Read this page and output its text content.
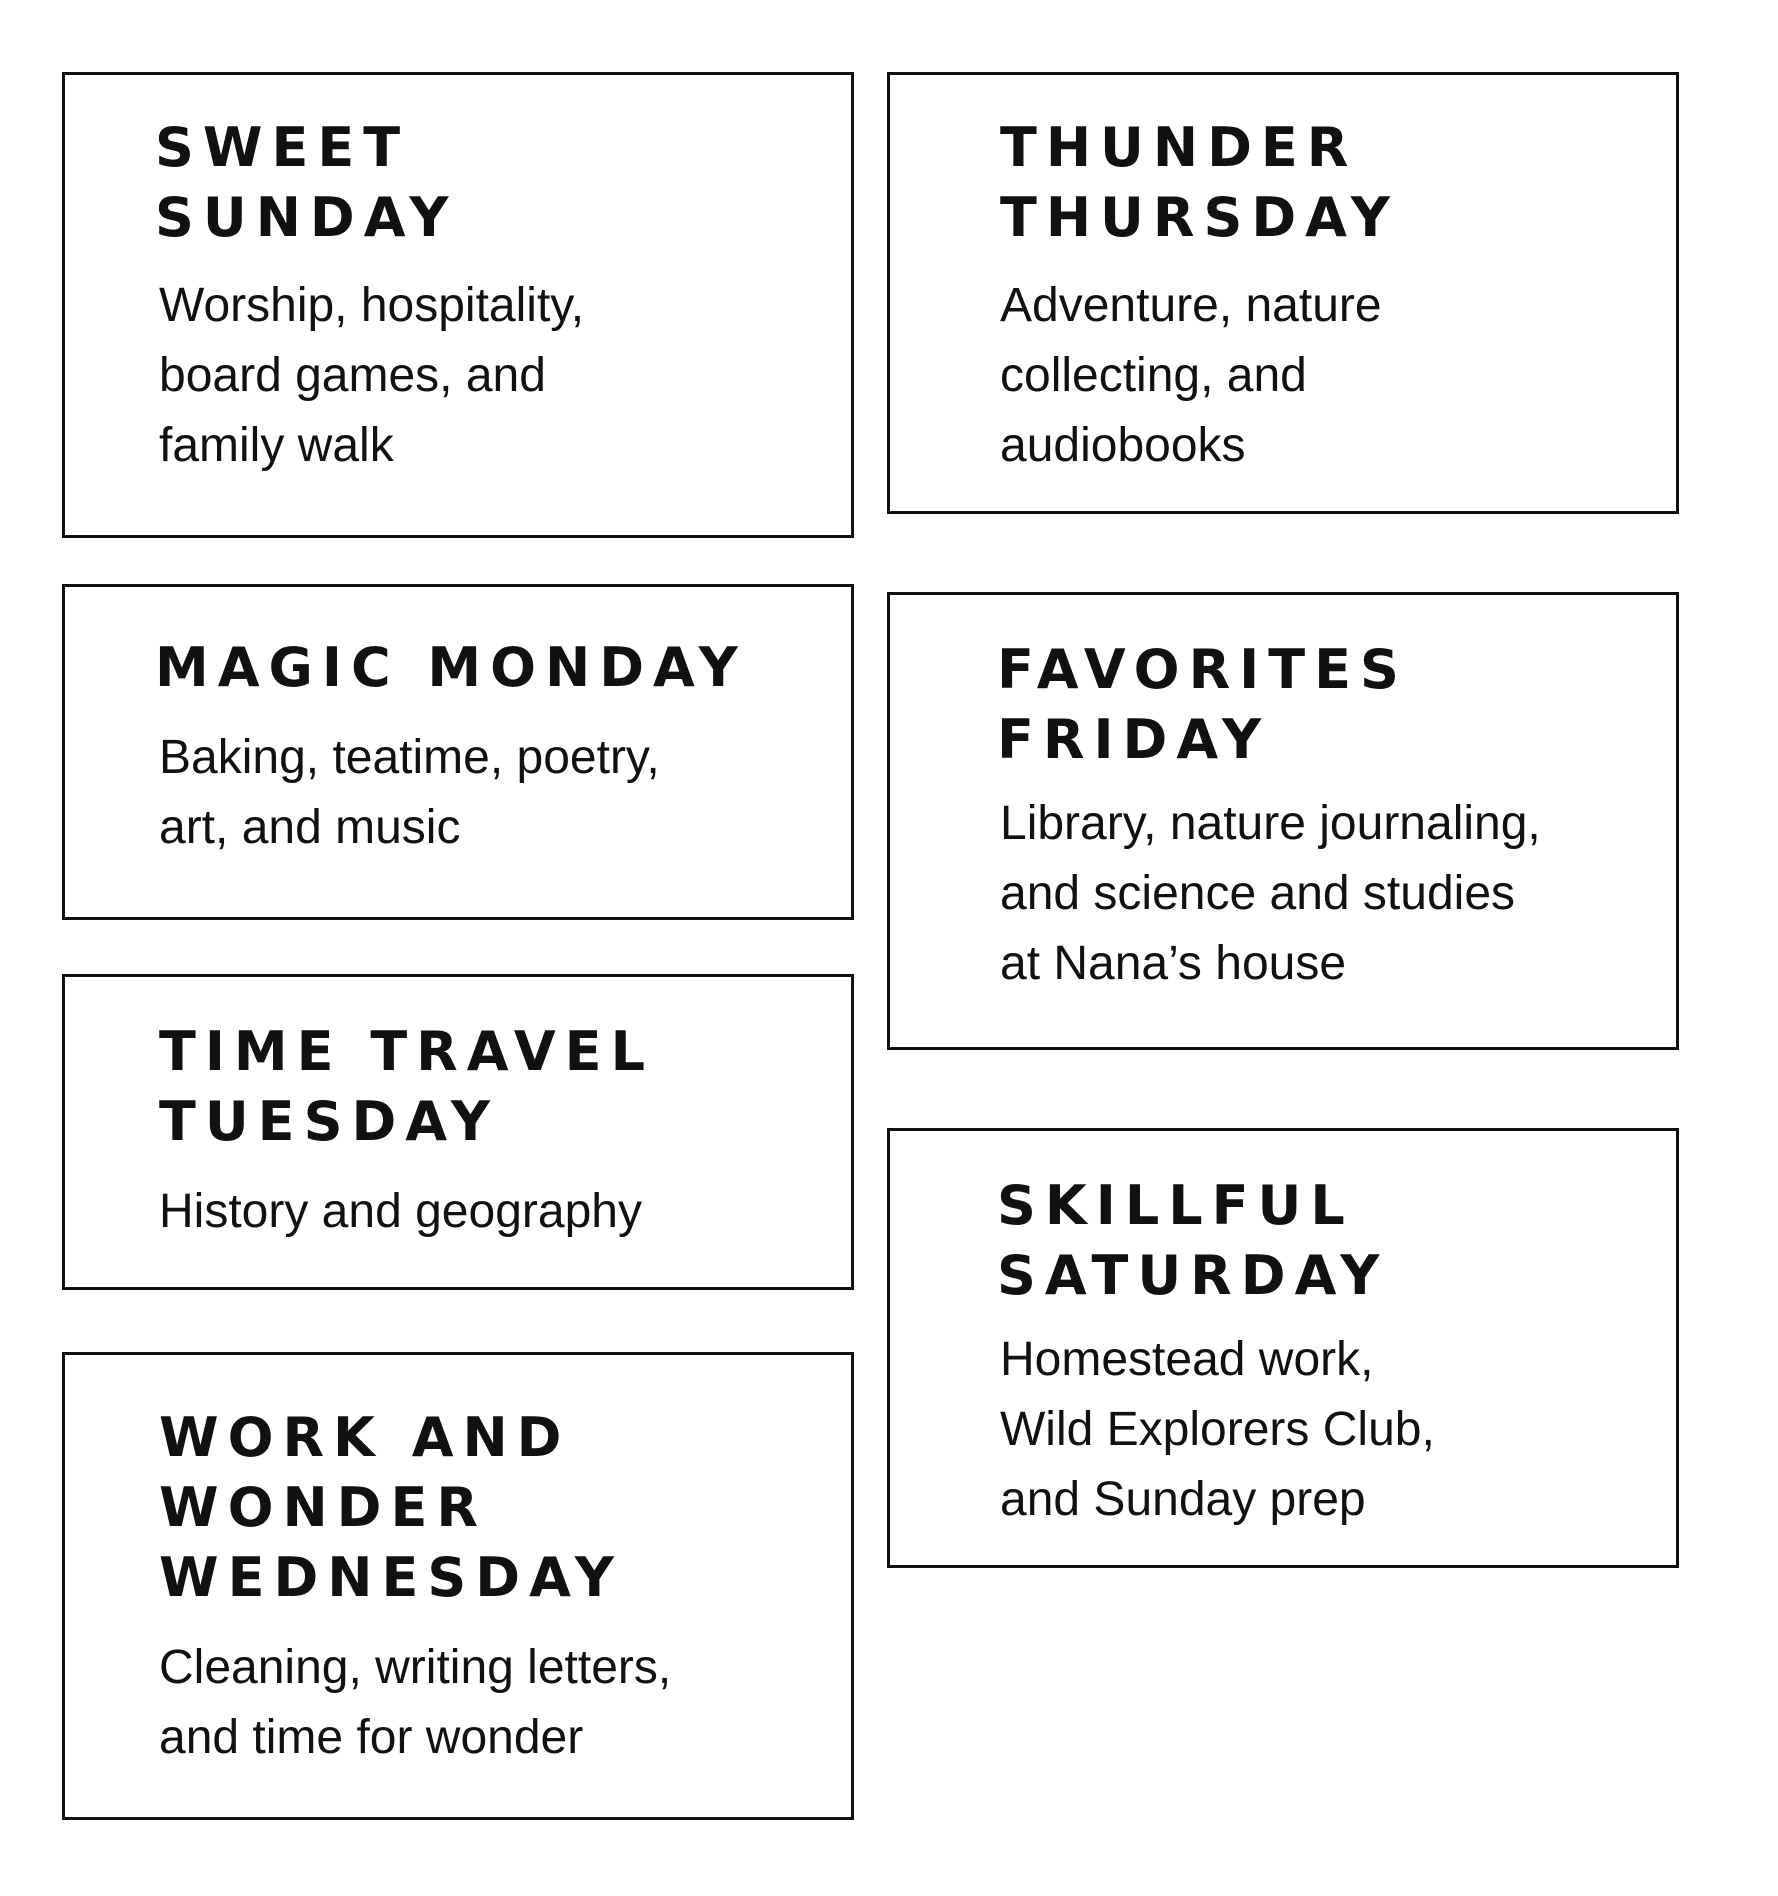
SWEET
SUNDAY

Worship, hospitality,
board games, and
family walk

MAGIC MONDAY

Baking, teatime, poetry,
art, and music

TIME TRAVEL
TUESDAY

History and geography

WORK AND
WONDER
WEDNESDAY

Cleaning, writing letters,
and time for wonder

THUNDER
THURSDAY

Adventure, nature
collecting, and
audiobooks

FAVORITES
FRIDAY

Library, nature journaling,
and science and studies
at Nana’s house

SKILLFUL
SATURDAY

Homestead work,
Wild Explorers Club,
and Sunday prep
